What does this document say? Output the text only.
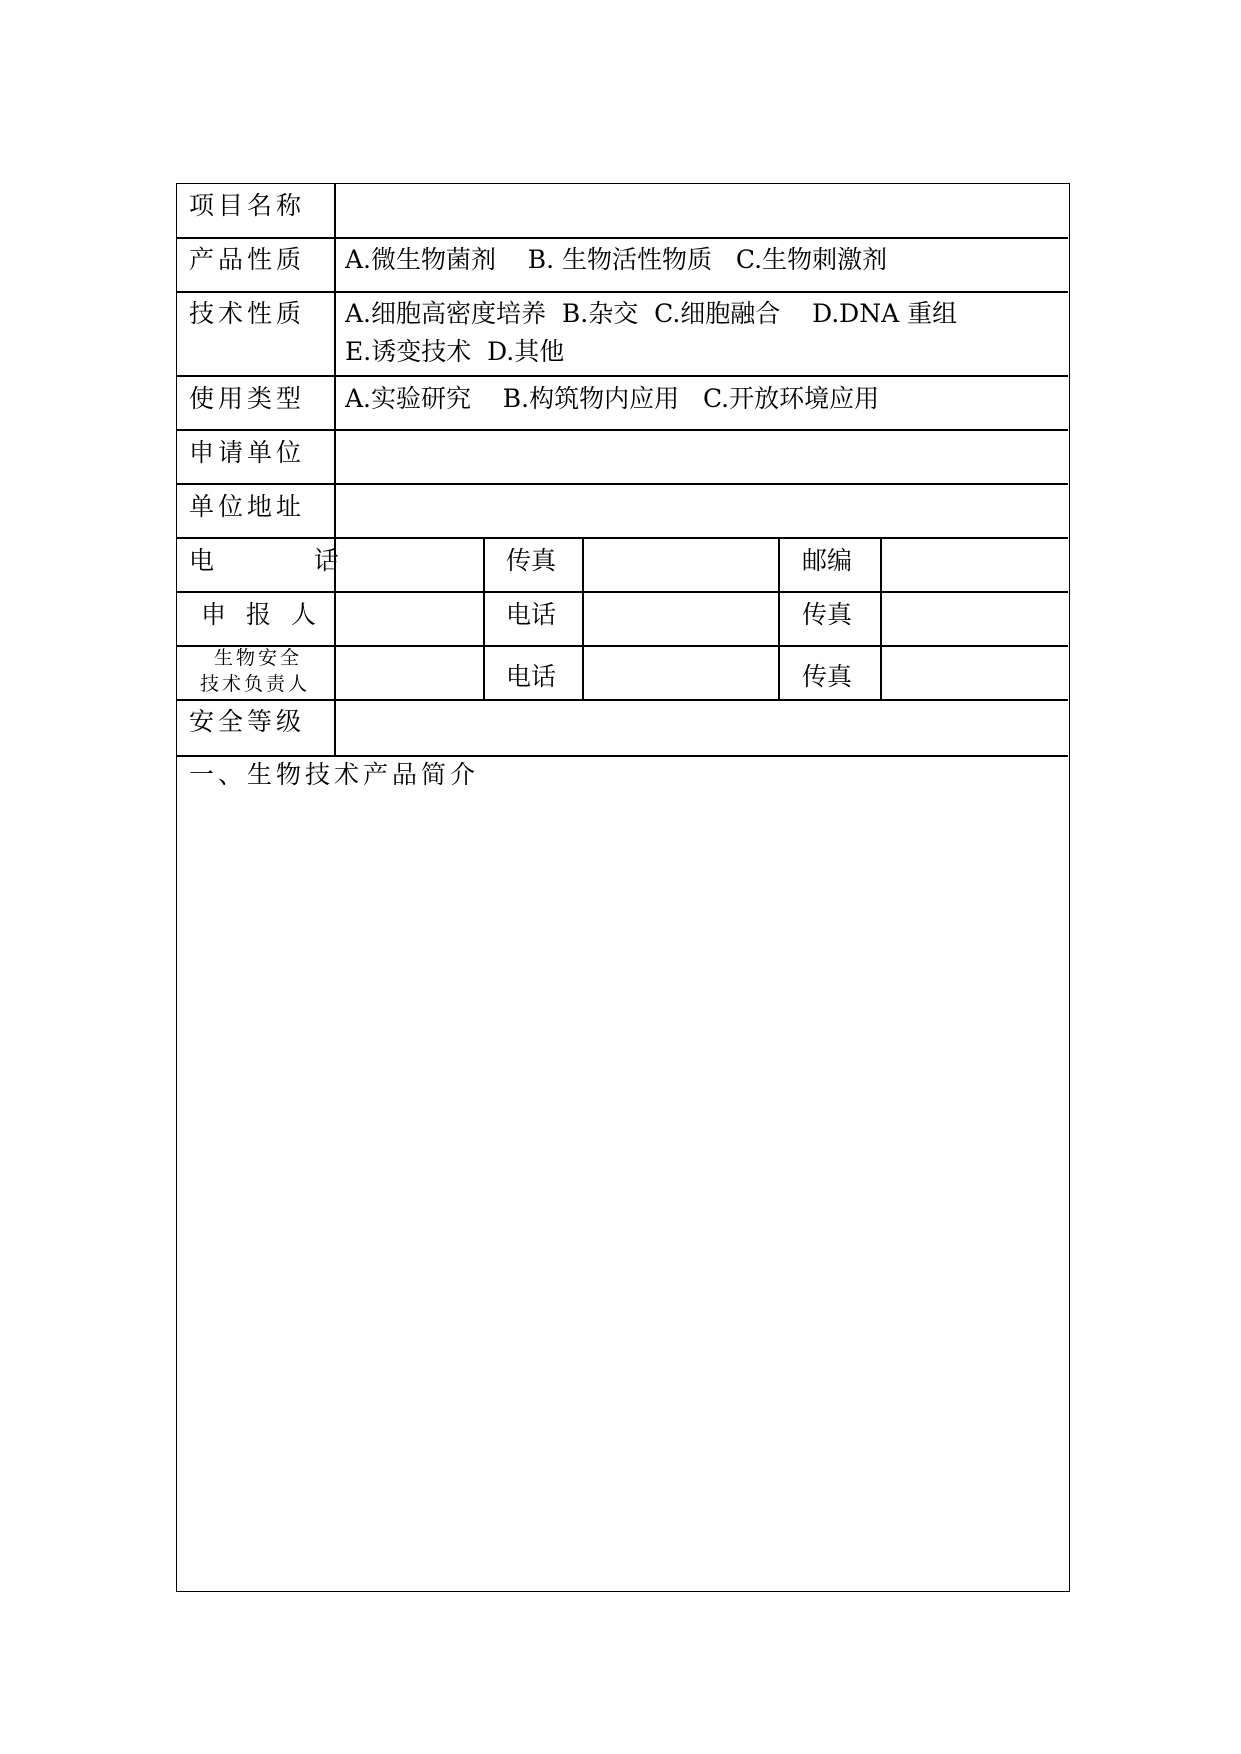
项目名称
产品性质 A.微生物菌剂    B. 生物活性物质   C.生物刺激剂
技术性质 A.细胞高密度培养  B.杂交  C.细胞融合    D.DNA 重组
E.诱变技术  D.其他
使用类型 A.实验研究    B.构筑物内应用   C.开放环境应用
申请单位
单位地址
电  话	传真	邮编
申 报 人	电话	传真
生物安全
技术负责人	电话	传真
安全等级
一、生物技术产品简介
